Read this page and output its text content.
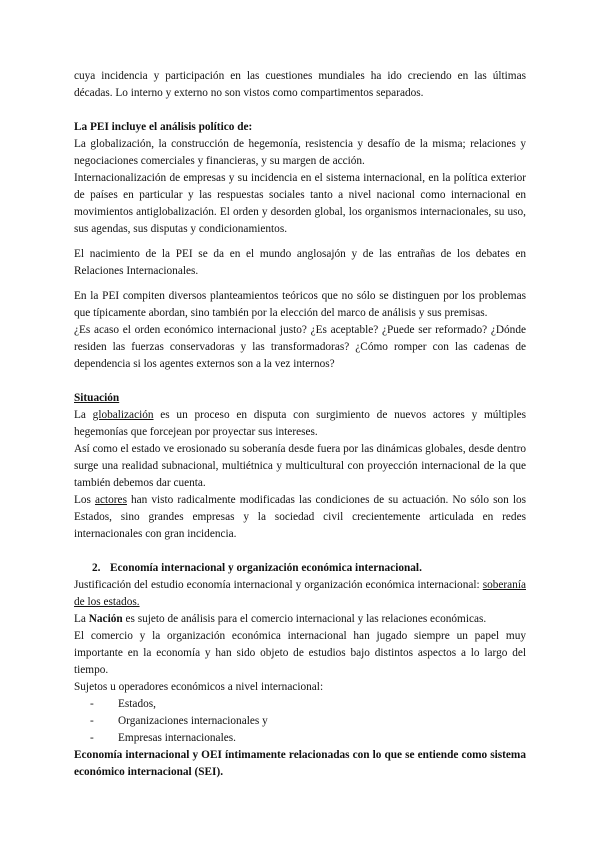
cuya incidencia y participación en las cuestiones mundiales ha ido creciendo en las últimas décadas. Lo interno y externo no son vistos como compartimentos separados.

La PEI incluye el análisis político de:

La globalización, la construcción de hegemonía, resistencia y desafío de la misma; relaciones y negociaciones comerciales y financieras, y su margen de acción.

Internacionalización de empresas y su incidencia en el sistema internacional, en la política exterior de países en particular y las respuestas sociales tanto a nivel nacional como internacional en movimientos antiglobalización. El orden y desorden global, los organismos internacionales, su uso, sus agendas, sus disputas y condicionamientos.

El nacimiento de la PEI se da en el mundo anglosajón y de las entrañas de los debates en Relaciones Internacionales.

En la PEI compiten diversos planteamientos teóricos que no sólo se distinguen por los problemas que típicamente abordan, sino también por la elección del marco de análisis y sus premisas.

¿Es acaso el orden económico internacional justo? ¿Es aceptable? ¿Puede ser reformado? ¿Dónde residen las fuerzas conservadoras y las transformadoras? ¿Cómo romper con las cadenas de dependencia si los agentes externos son a la vez internos?

Situación

La globalización es un proceso en disputa con surgimiento de nuevos actores y múltiples hegemonías que forcejean por proyectar sus intereses.

Así como el estado ve erosionado su soberanía desde fuera por las dinámicas globales, desde dentro surge una realidad subnacional, multiétnica y multicultural con proyección internacional de la que también debemos dar cuenta.

Los actores han visto radicalmente modificadas las condiciones de su actuación. No sólo son los Estados, sino grandes empresas y la sociedad civil crecientemente articulada en redes internacionales con gran incidencia.

2. Economía internacional y organización económica internacional.

Justificación del estudio economía internacional y organización económica internacional: soberanía de los estados.

La Nación es sujeto de análisis para el comercio internacional y las relaciones económicas.

El comercio y la organización económica internacional han jugado siempre un papel muy importante en la economía y han sido objeto de estudios bajo distintos aspectos a lo largo del tiempo.

Sujetos u operadores económicos a nivel internacional:

- Estados,
- Organizaciones internacionales y
- Empresas internacionales.

Economía internacional y OEI íntimamente relacionadas con lo que se entiende como sistema económico internacional (SEI).
